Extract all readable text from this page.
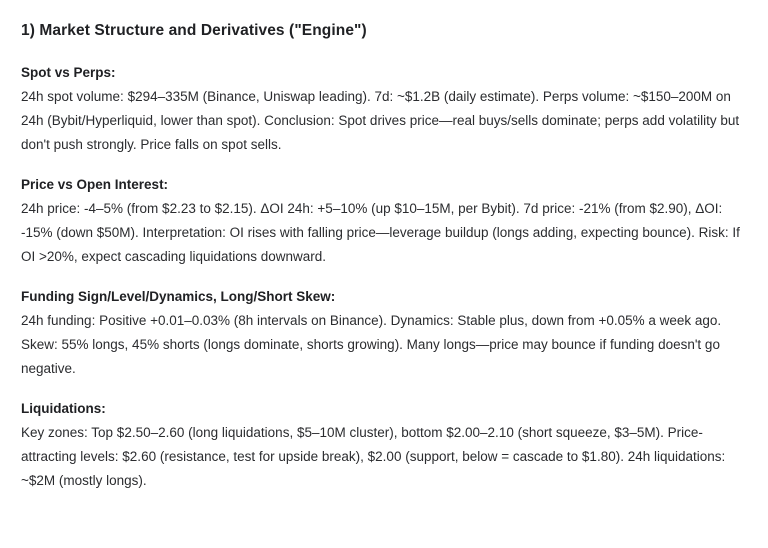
1) Market Structure and Derivatives ("Engine")
Spot vs Perps:

24h spot volume: $294–335M (Binance, Uniswap leading). 7d: ~$1.2B (daily estimate). Perps volume: ~$150–200M on 24h (Bybit/Hyperliquid, lower than spot). Conclusion: Spot drives price—real buys/sells dominate; perps add volatility but don't push strongly. Price falls on spot sells.

Price vs Open Interest:

24h price: -4–5% (from $2.23 to $2.15). ΔOI 24h: +5–10% (up $10–15M, per Bybit). 7d price: -21% (from $2.90), ΔOI: -15% (down $50M). Interpretation: OI rises with falling price—leverage buildup (longs adding, expecting bounce). Risk: If OI >20%, expect cascading liquidations downward.

Funding Sign/Level/Dynamics, Long/Short Skew:

24h funding: Positive +0.01–0.03% (8h intervals on Binance). Dynamics: Stable plus, down from +0.05% a week ago. Skew: 55% longs, 45% shorts (longs dominate, shorts growing). Many longs—price may bounce if funding doesn't go negative.

Liquidations:

Key zones: Top $2.50–2.60 (long liquidations, $5–10M cluster), bottom $2.00–2.10 (short squeeze, $3–5M). Price-attracting levels: $2.60 (resistance, test for upside break), $2.00 (support, below = cascade to $1.80). 24h liquidations: ~$2M (mostly longs).
